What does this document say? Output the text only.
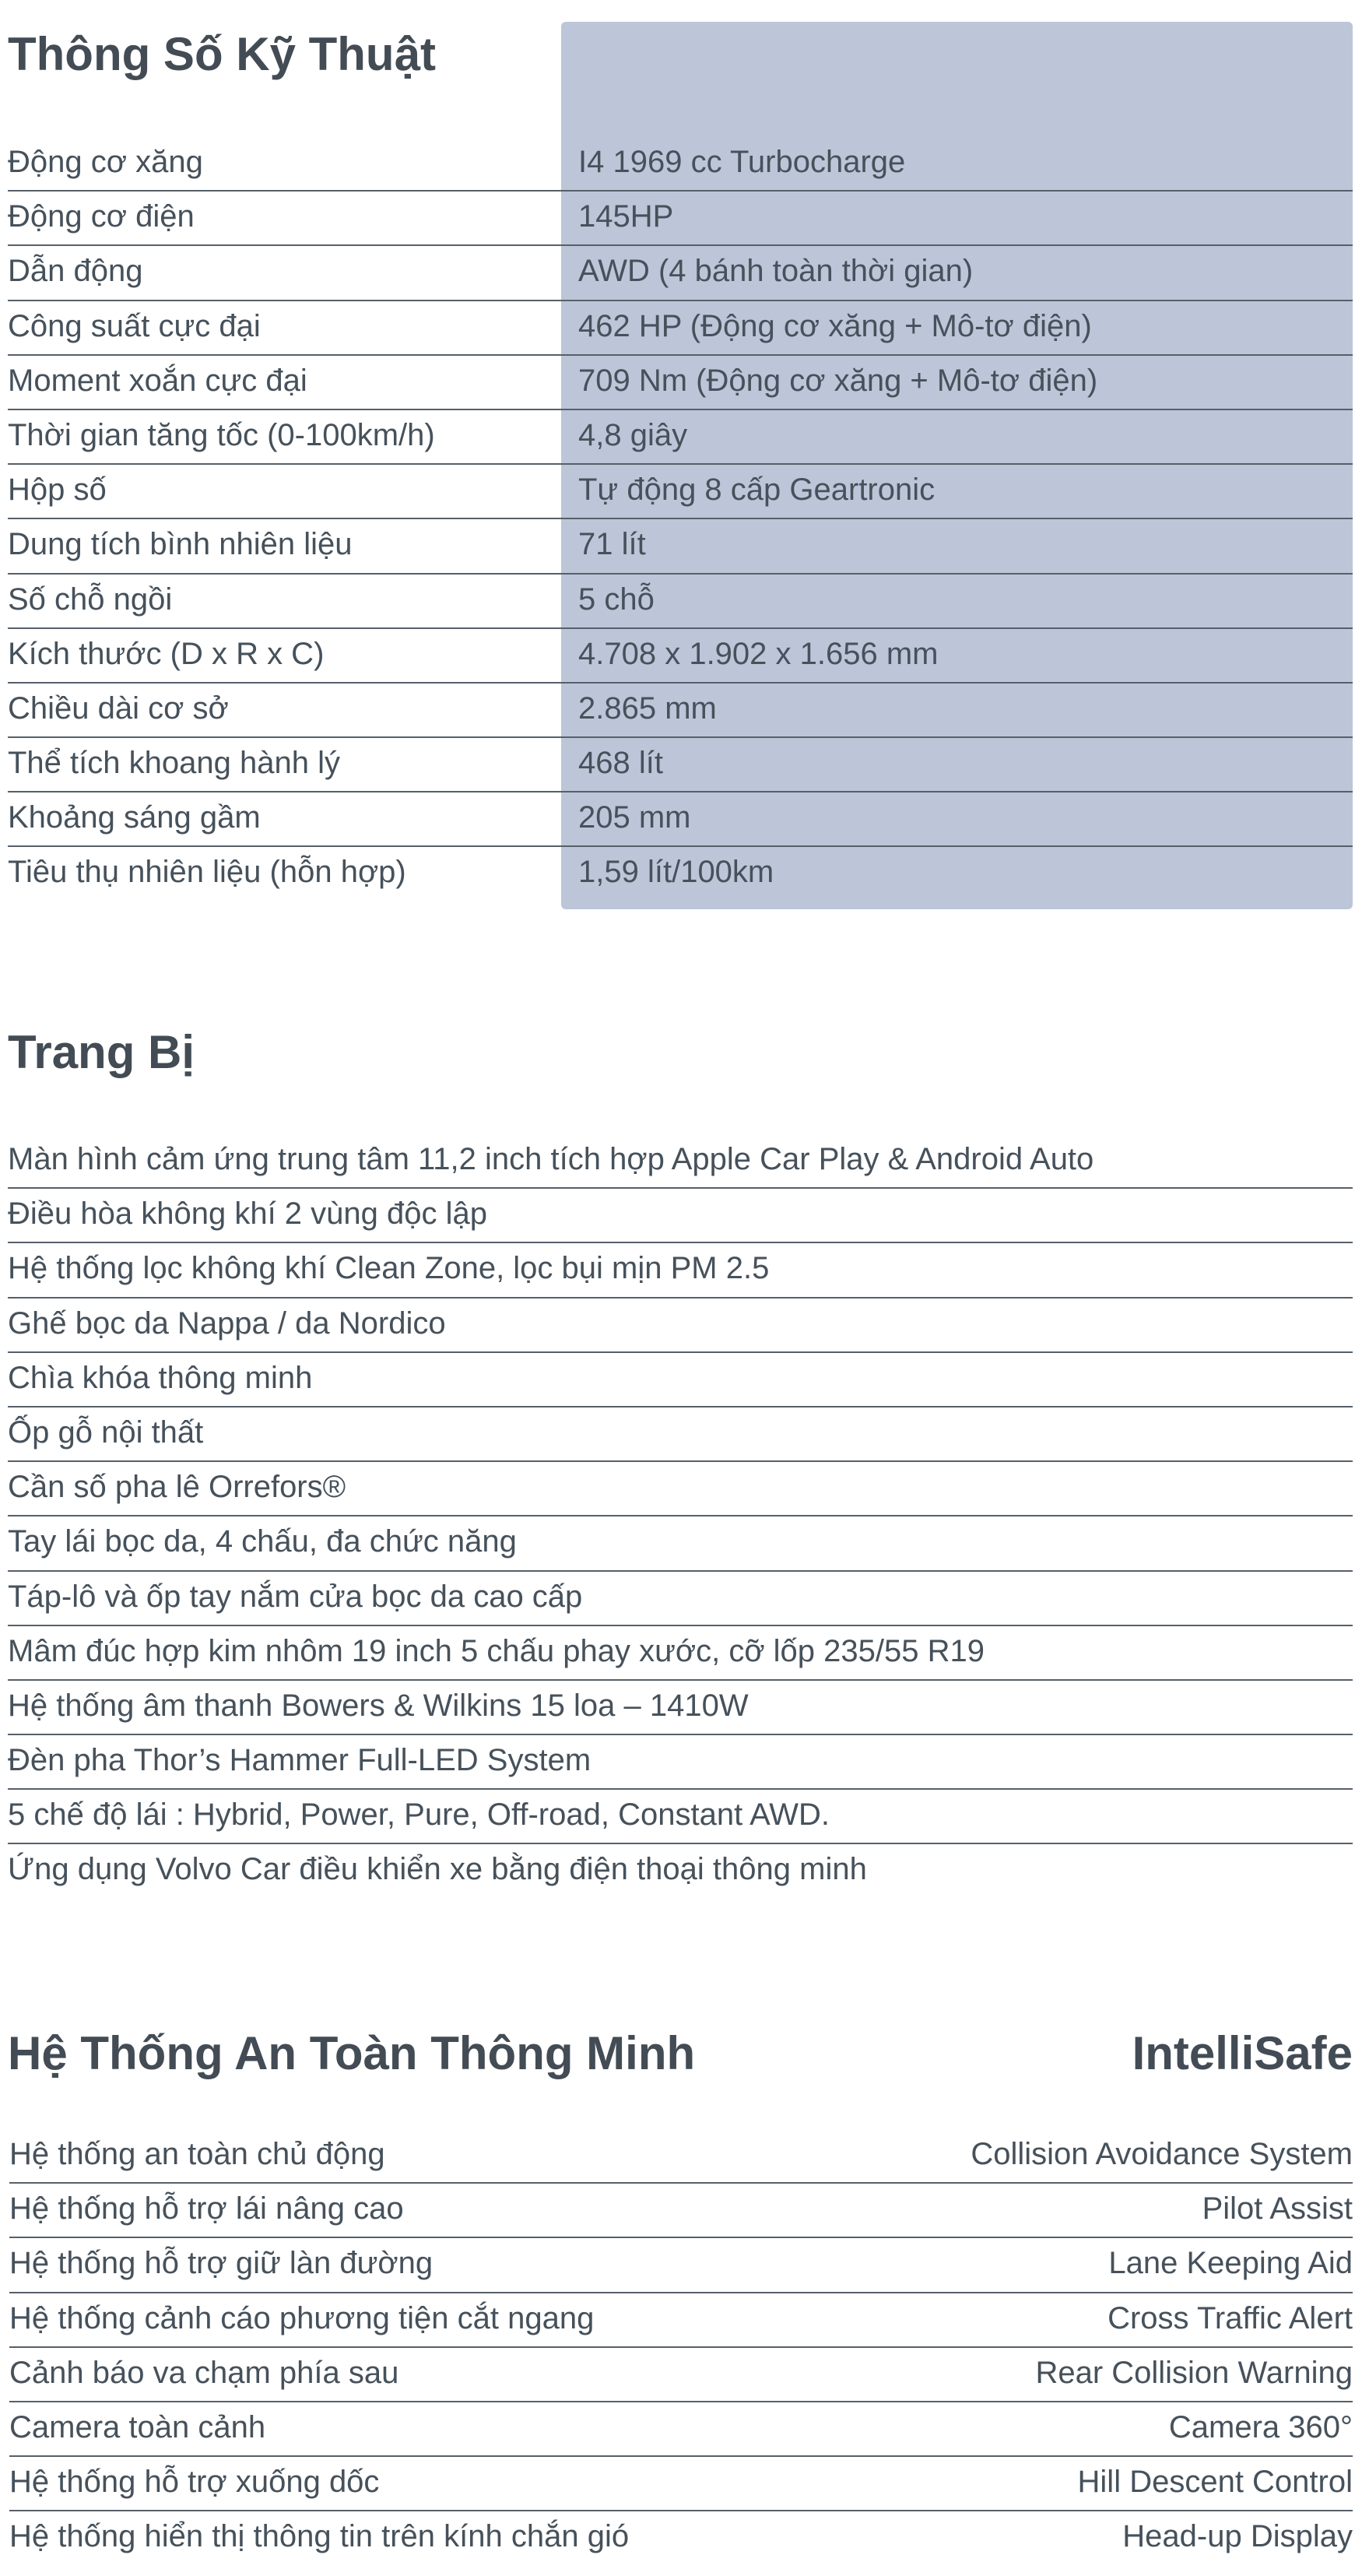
Thông Số Kỹ Thuật
Động cơ xăng	I4 1969 cc Turbocharge
Động cơ điện	145HP
Dẫn động	AWD (4 bánh toàn thời gian)
Công suất cực đại	462 HP (Động cơ xăng + Mô-tơ điện)
Moment xoắn cực đại	709 Nm (Động cơ xăng + Mô-tơ điện)
Thời gian tăng tốc (0-100km/h)	4,8 giây
Hộp số	Tự động 8 cấp Geartronic
Dung tích bình nhiên liệu	71 lít
Số chỗ ngồi	5 chỗ
Kích thước (D x R x C)	4.708 x 1.902 x 1.656 mm
Chiều dài cơ sở	2.865 mm
Thể tích khoang hành lý	468 lít
Khoảng sáng gầm	205 mm
Tiêu thụ nhiên liệu (hỗn hợp)	1,59 lít/100km
Trang Bị
Màn hình cảm ứng trung tâm 11,2 inch tích hợp Apple Car Play & Android Auto
Điều hòa không khí 2 vùng độc lập
Hệ thống lọc không khí Clean Zone, lọc bụi mịn PM 2.5
Ghế bọc da Nappa / da Nordico
Chìa khóa thông minh
Ốp gỗ nội thất
Cần số pha lê Orrefors®
Tay lái bọc da, 4 chấu, đa chức năng
Táp-lô và ốp tay nắm cửa bọc da cao cấp
Mâm đúc hợp kim nhôm 19 inch 5 chấu phay xước, cỡ lốp 235/55 R19
Hệ thống âm thanh Bowers & Wilkins 15 loa – 1410W
Đèn pha Thor’s Hammer Full-LED System
5 chế độ lái : Hybrid, Power, Pure, Off-road, Constant AWD.
Ứng dụng Volvo Car điều khiển xe bằng điện thoại thông minh
Hệ Thống An Toàn Thông Minh	IntelliSafe
Hệ thống an toàn chủ động	Collision Avoidance System
Hệ thống hỗ trợ lái nâng cao	Pilot Assist
Hệ thống hỗ trợ giữ làn đường	Lane Keeping Aid
Hệ thống cảnh cáo phương tiện cắt ngang	Cross Traffic Alert
Cảnh báo va chạm phía sau	Rear Collision Warning
Camera toàn cảnh	Camera 360°
Hệ thống hỗ trợ xuống dốc	Hill Descent Control
Hệ thống hiển thị thông tin trên kính chắn gió	Head-up Display
